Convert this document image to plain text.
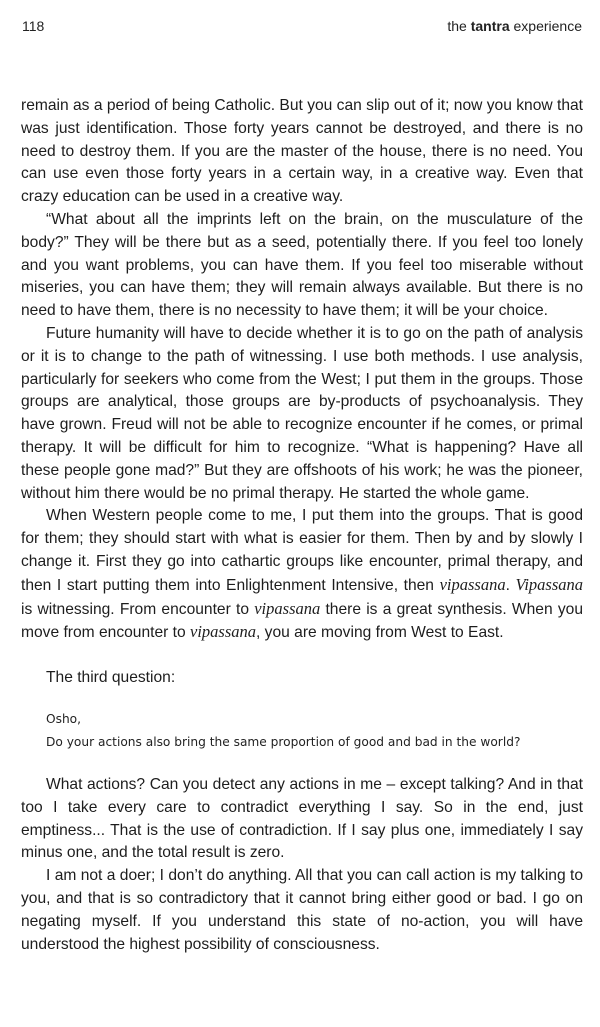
118	the tantra experience

remain as a period of being Catholic. But you can slip out of it; now you know that was just identification. Those forty years cannot be destroyed, and there is no need to destroy them. If you are the master of the house, there is no need. You can use even those forty years in a certain way, in a creative way. Even that crazy education can be used in a creative way.

“What about all the imprints left on the brain, on the musculature of the body?” They will be there but as a seed, potentially there. If you feel too lonely and you want problems, you can have them. If you feel too miserable without miseries, you can have them; they will remain always available. But there is no need to have them, there is no necessity to have them; it will be your choice.

Future humanity will have to decide whether it is to go on the path of analysis or it is to change to the path of witnessing. I use both methods. I use analysis, particularly for seekers who come from the West; I put them in the groups. Those groups are analytical, those groups are by-products of psychoanalysis. They have grown. Freud will not be able to recognize encounter if he comes, or primal therapy. It will be difficult for him to recognize. “What is happening? Have all these people gone mad?” But they are offshoots of his work; he was the pioneer, without him there would be no primal therapy. He started the whole game.

When Western people come to me, I put them into the groups. That is good for them; they should start with what is easier for them. Then by and by slowly I change it. First they go into cathartic groups like encounter, primal therapy, and then I start putting them into Enlightenment Intensive, then vipassana. Vipassana is witnessing. From encounter to vipassana there is a great synthesis. When you move from encounter to vipassana, you are moving from West to East.

The third question:

Osho,
Do your actions also bring the same proportion of good and bad in the world?

What actions? Can you detect any actions in me – except talking? And in that too I take every care to contradict everything I say. So in the end, just emptiness... That is the use of contradiction. If I say plus one, immediately I say minus one, and the total result is zero.

I am not a doer; I don’t do anything. All that you can call action is my talking to you, and that is so contradictory that it cannot bring either good or bad. I go on negating myself. If you understand this state of no-action, you will have understood the highest possibility of consciousness.
